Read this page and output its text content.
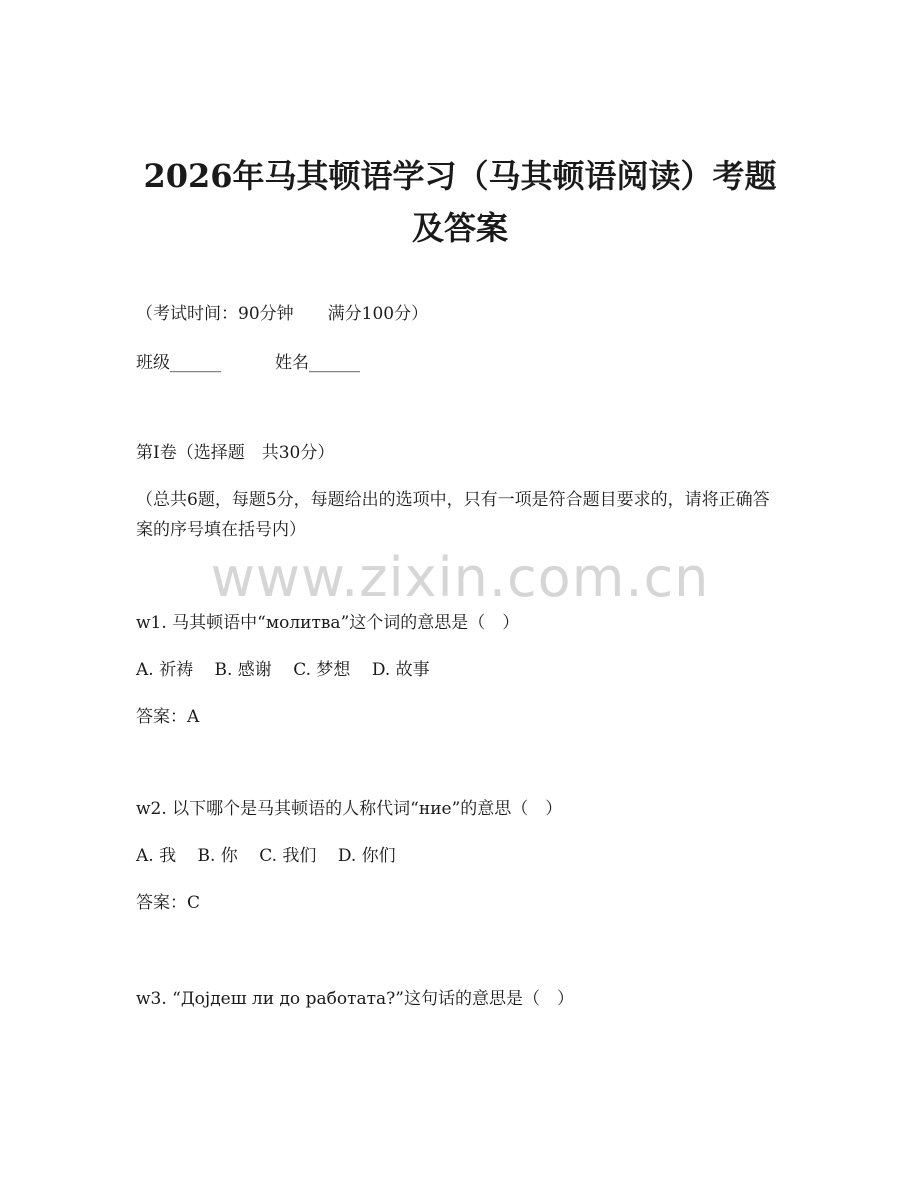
2026年马其顿语学习（马其顿语阅读）考题
及答案
（考试时间：90分钟　　满分100分）
班级______	姓名______
第Ⅰ卷（选择题　共30分）
（总共6题，每题5分，每题给出的选项中，只有一项是符合题目要求的，请将正确答案的序号填在括号内）
www.zixin.com.cn
w1. 马其顿语中“молитва”这个词的意思是（　）
A. 祈祷 B. 感谢 C. 梦想 D. 故事
答案：A
w2. 以下哪个是马其顿语的人称代词“ние”的意思（　）
A. 我 B. 你 C. 我们 D. 你们
答案：C
w3. “Дојдеш ли до работата?”这句话的意思是（　）
